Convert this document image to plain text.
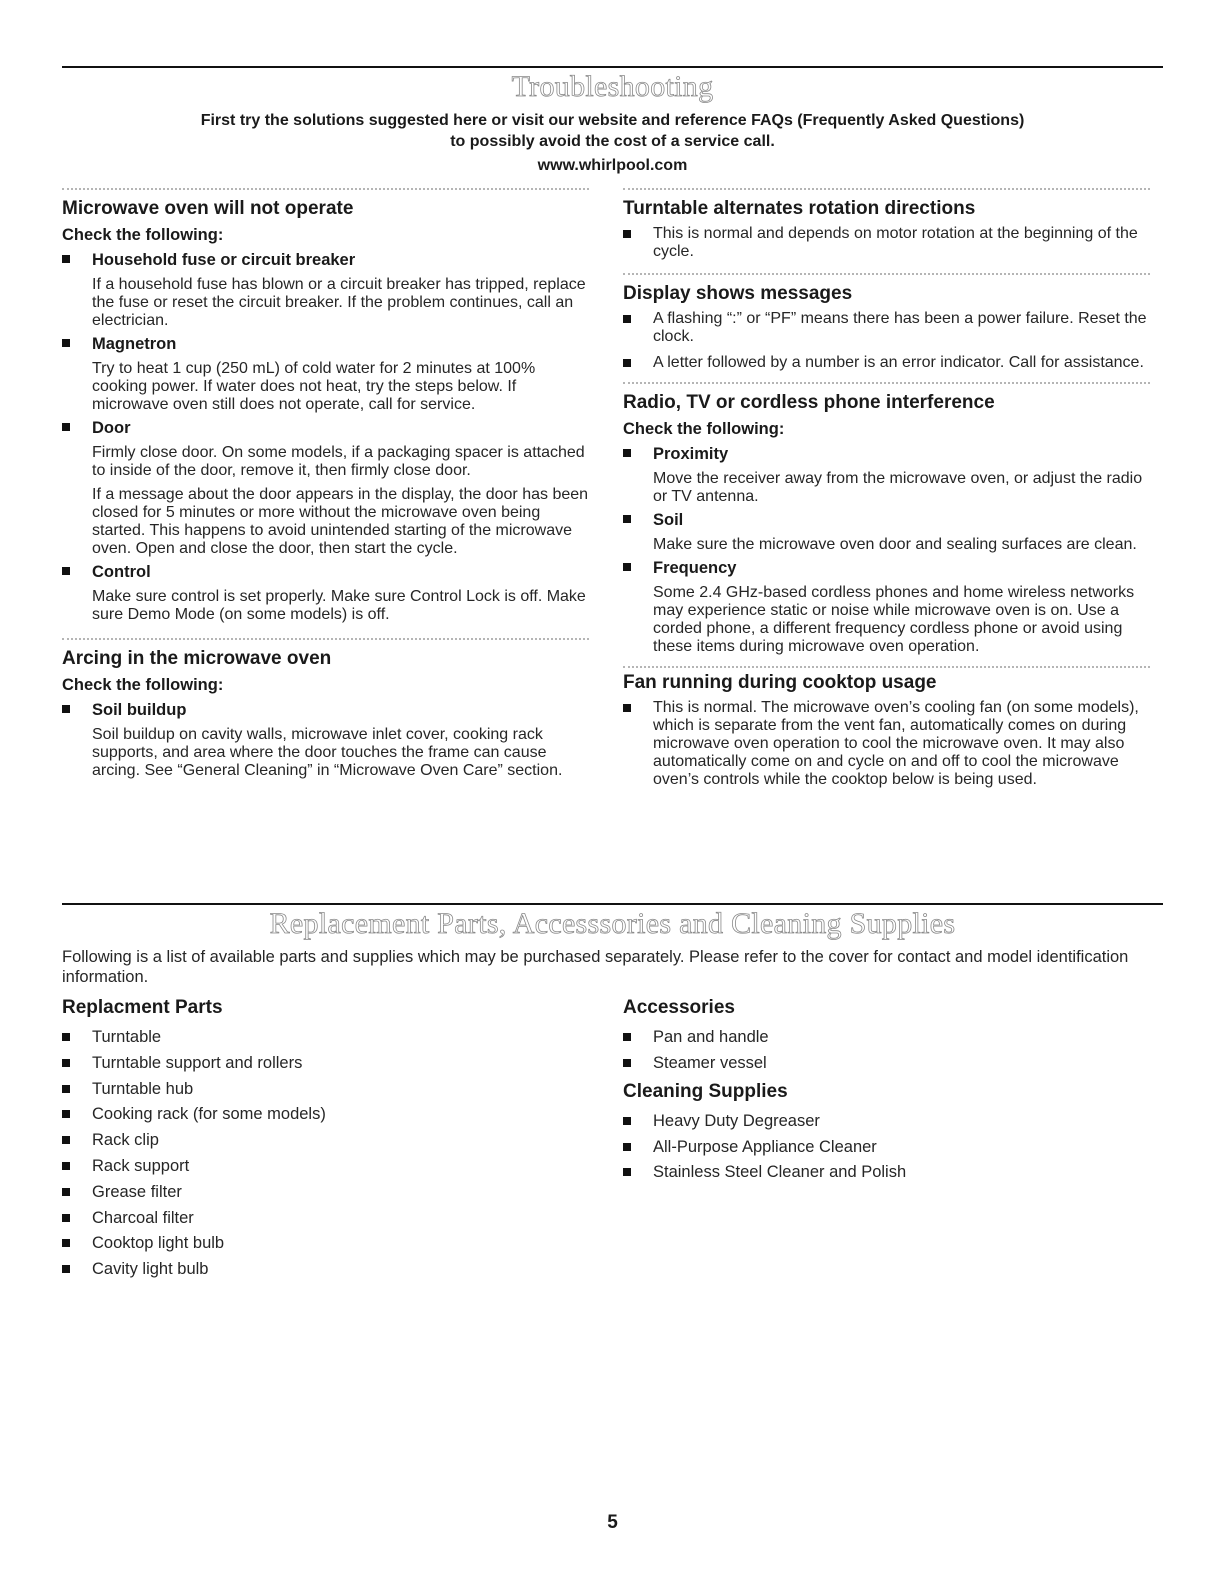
Troubleshooting
First try the solutions suggested here or visit our website and reference FAQs (Frequently Asked Questions)
to possibly avoid the cost of a service call.
www.whirlpool.com
Microwave oven will not operate
Check the following:
Household fuse or circuit breaker
If a household fuse has blown or a circuit breaker has tripped, replace the fuse or reset the circuit breaker. If the problem continues, call an electrician.
Magnetron
Try to heat 1 cup (250 mL) of cold water for 2 minutes at 100% cooking power. If water does not heat, try the steps below. If microwave oven still does not operate, call for service.
Door
Firmly close door. On some models, if a packaging spacer is attached to inside of the door, remove it, then firmly close door.
If a message about the door appears in the display, the door has been closed for 5 minutes or more without the microwave oven being started. This happens to avoid unintended starting of the microwave oven. Open and close the door, then start the cycle.
Control
Make sure control is set properly. Make sure Control Lock is off. Make sure Demo Mode (on some models) is off.
Arcing in the microwave oven
Check the following:
Soil buildup
Soil buildup on cavity walls, microwave inlet cover, cooking rack supports, and area where the door touches the frame can cause arcing. See “General Cleaning” in “Microwave Oven Care” section.
Turntable alternates rotation directions
This is normal and depends on motor rotation at the beginning of the cycle.
Display shows messages
A flashing “:” or “PF” means there has been a power failure. Reset the clock.
A letter followed by a number is an error indicator. Call for assistance.
Radio, TV or cordless phone interference
Check the following:
Proximity
Move the receiver away from the microwave oven, or adjust the radio or TV antenna.
Soil
Make sure the microwave oven door and sealing surfaces are clean.
Frequency
Some 2.4 GHz-based cordless phones and home wireless networks may experience static or noise while microwave oven is on. Use a corded phone, a different frequency cordless phone or avoid using these items during microwave oven operation.
Fan running during cooktop usage
This is normal. The microwave oven’s cooling fan (on some models), which is separate from the vent fan, automatically comes on during microwave oven operation to cool the microwave oven. It may also automatically come on and cycle on and off to cool the microwave oven’s controls while the cooktop below is being used.
Replacement Parts, Accesssories and Cleaning Supplies
Following is a list of available parts and supplies which may be purchased separately. Please refer to the cover for contact and model identification information.
Replacment Parts
Turntable
Turntable support and rollers
Turntable hub
Cooking rack (for some models)
Rack clip
Rack support
Grease filter
Charcoal filter
Cooktop light bulb
Cavity light bulb
Accessories
Pan and handle
Steamer vessel
Cleaning Supplies
Heavy Duty Degreaser
All-Purpose Appliance Cleaner
Stainless Steel Cleaner and Polish
5
